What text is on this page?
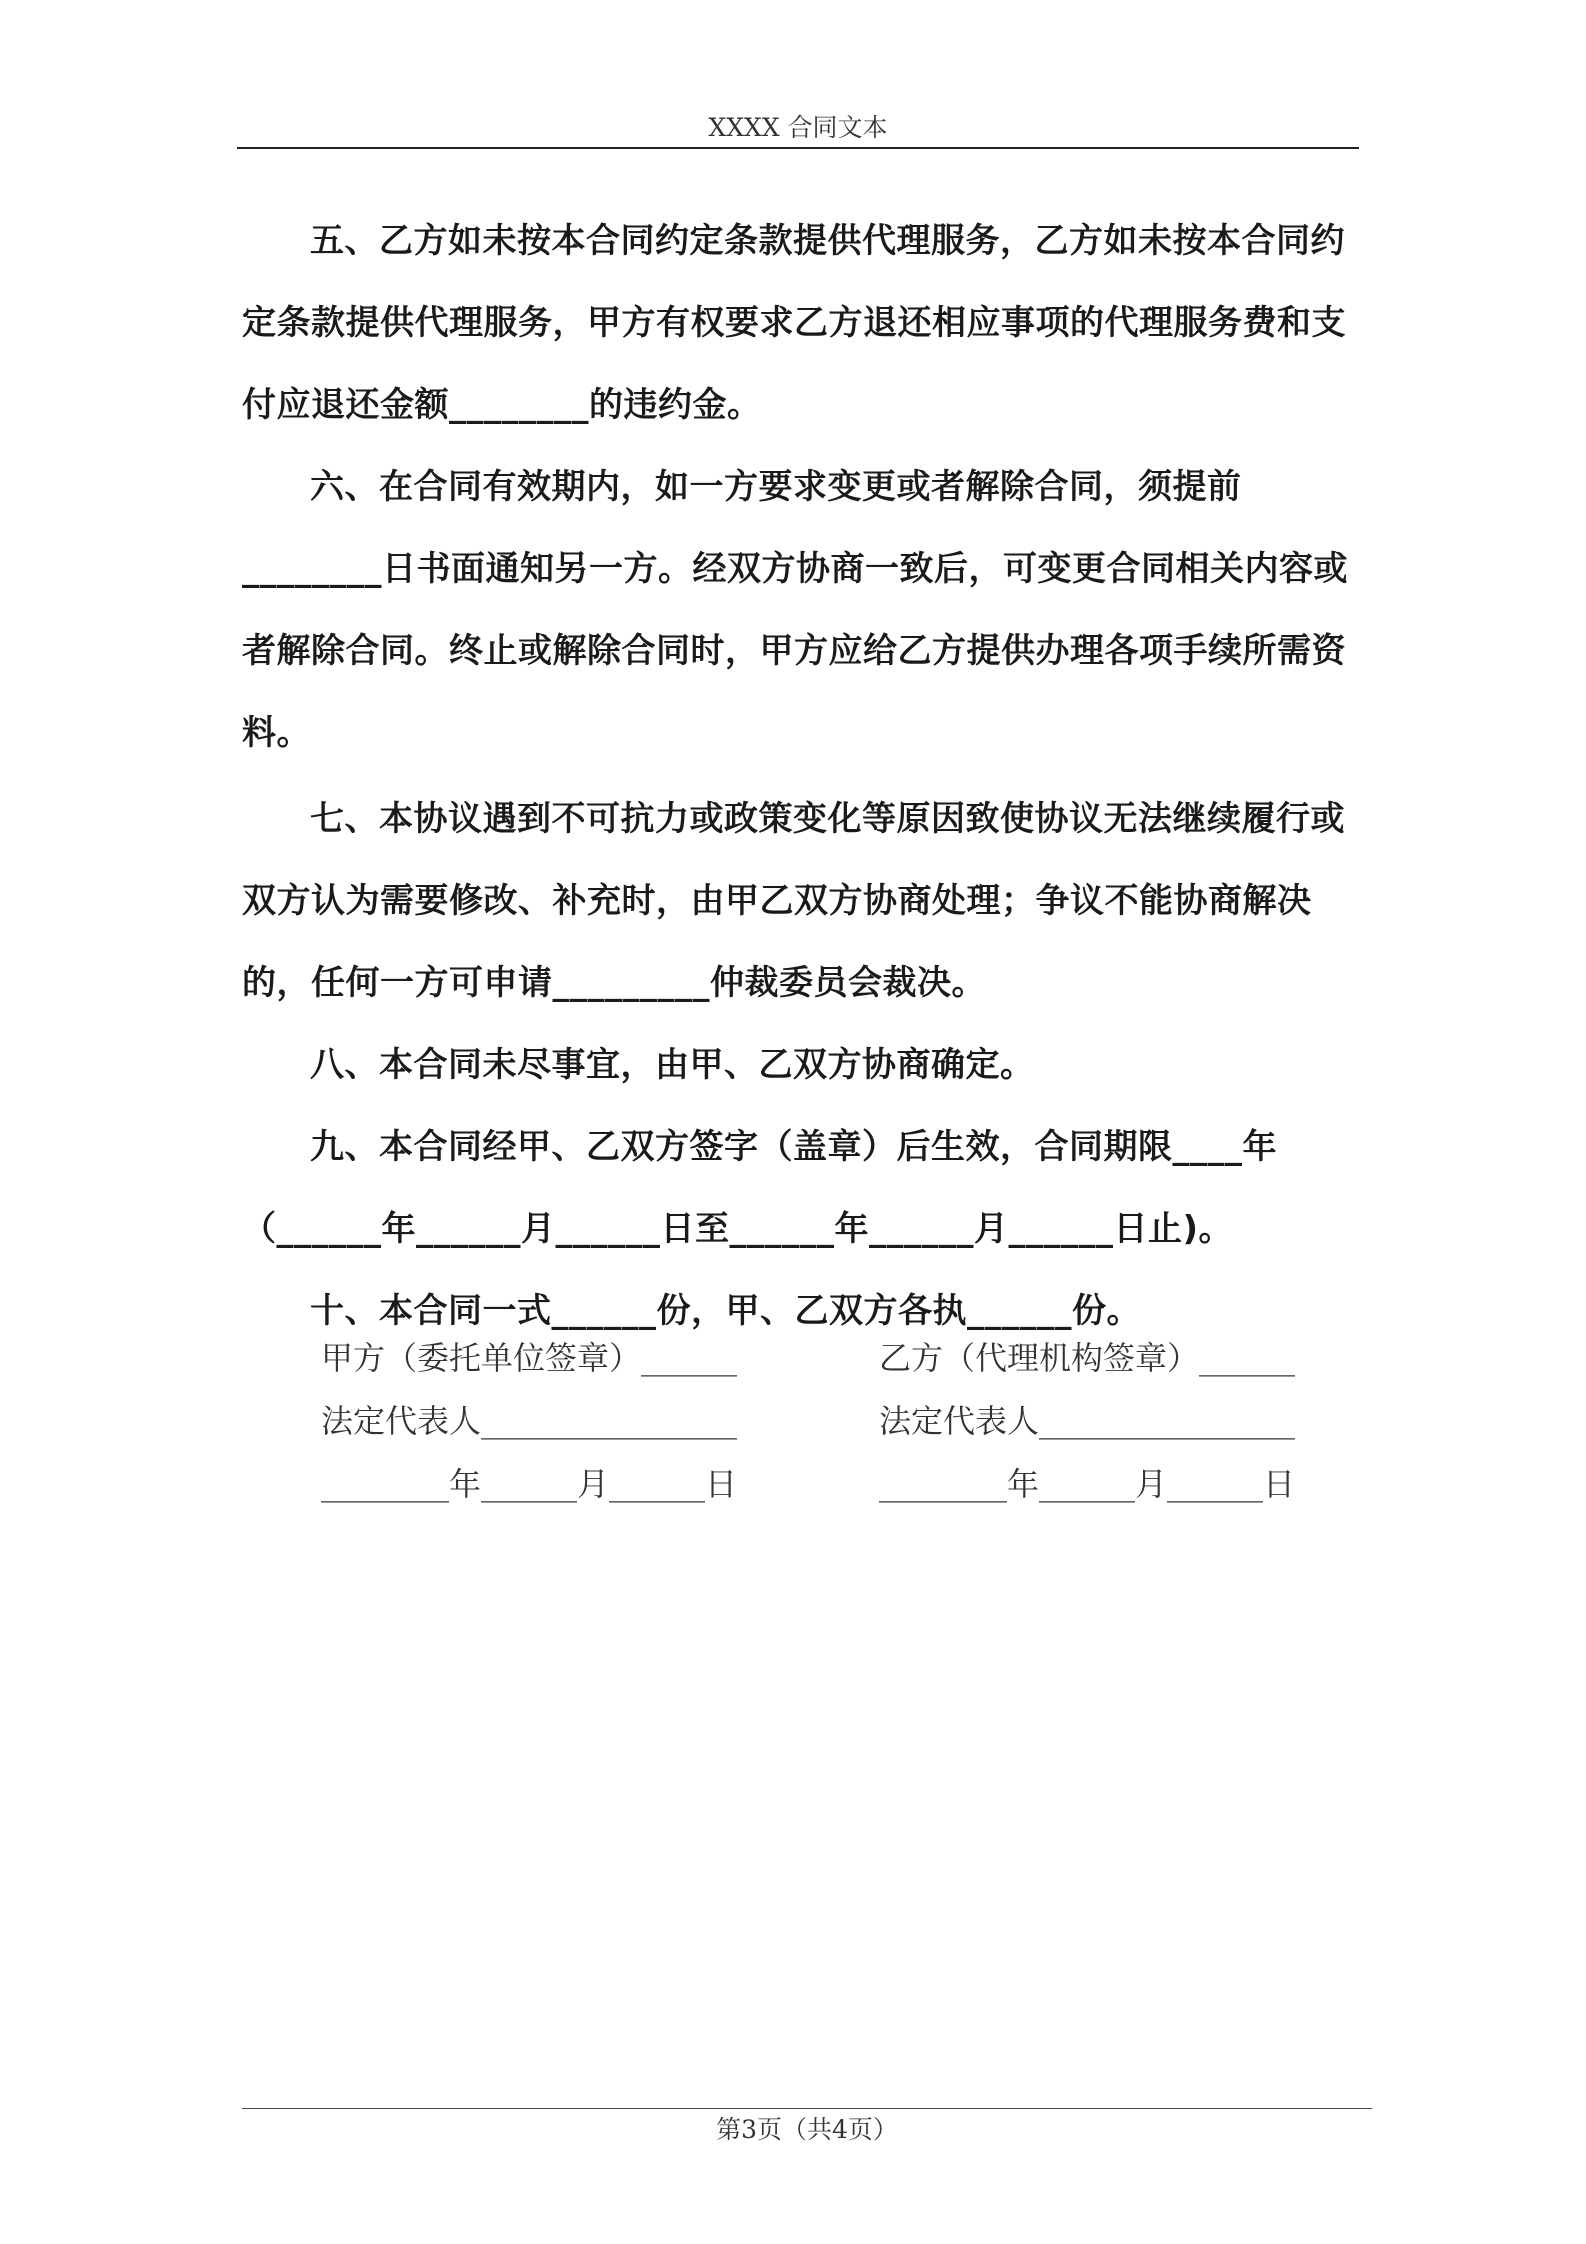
XXXX 合同文本

五、乙方如未按本合同约定条款提供代理服务，乙方如未按本合同约定条款提供代理服务，甲方有权要求乙方退还相应事项的代理服务费和支付应退还金额________的违约金。

六、在合同有效期内，如一方要求变更或者解除合同，须提前________日书面通知另一方。经双方协商一致后，可变更合同相关内容或者解除合同。终止或解除合同时，甲方应给乙方提供办理各项手续所需资料。

七、本协议遇到不可抗力或政策变化等原因致使协议无法继续履行或双方认为需要修改、补充时，由甲乙双方协商处理；争议不能协商解决的，任何一方可申请_________仲裁委员会裁决。

八、本合同未尽事宜，由甲、乙双方协商确定。

九、本合同经甲、乙双方签字（盖章）后生效，合同期限____年（______年______月______日至______年______月______日止)。

十、本合同一式______份，甲、乙双方各执______份。

甲方（委托单位签章）______	乙方（代理机构签章）______
法定代表人________________	法定代表人________________
________年______月______日	________年______月______日
第3页（共4页）
